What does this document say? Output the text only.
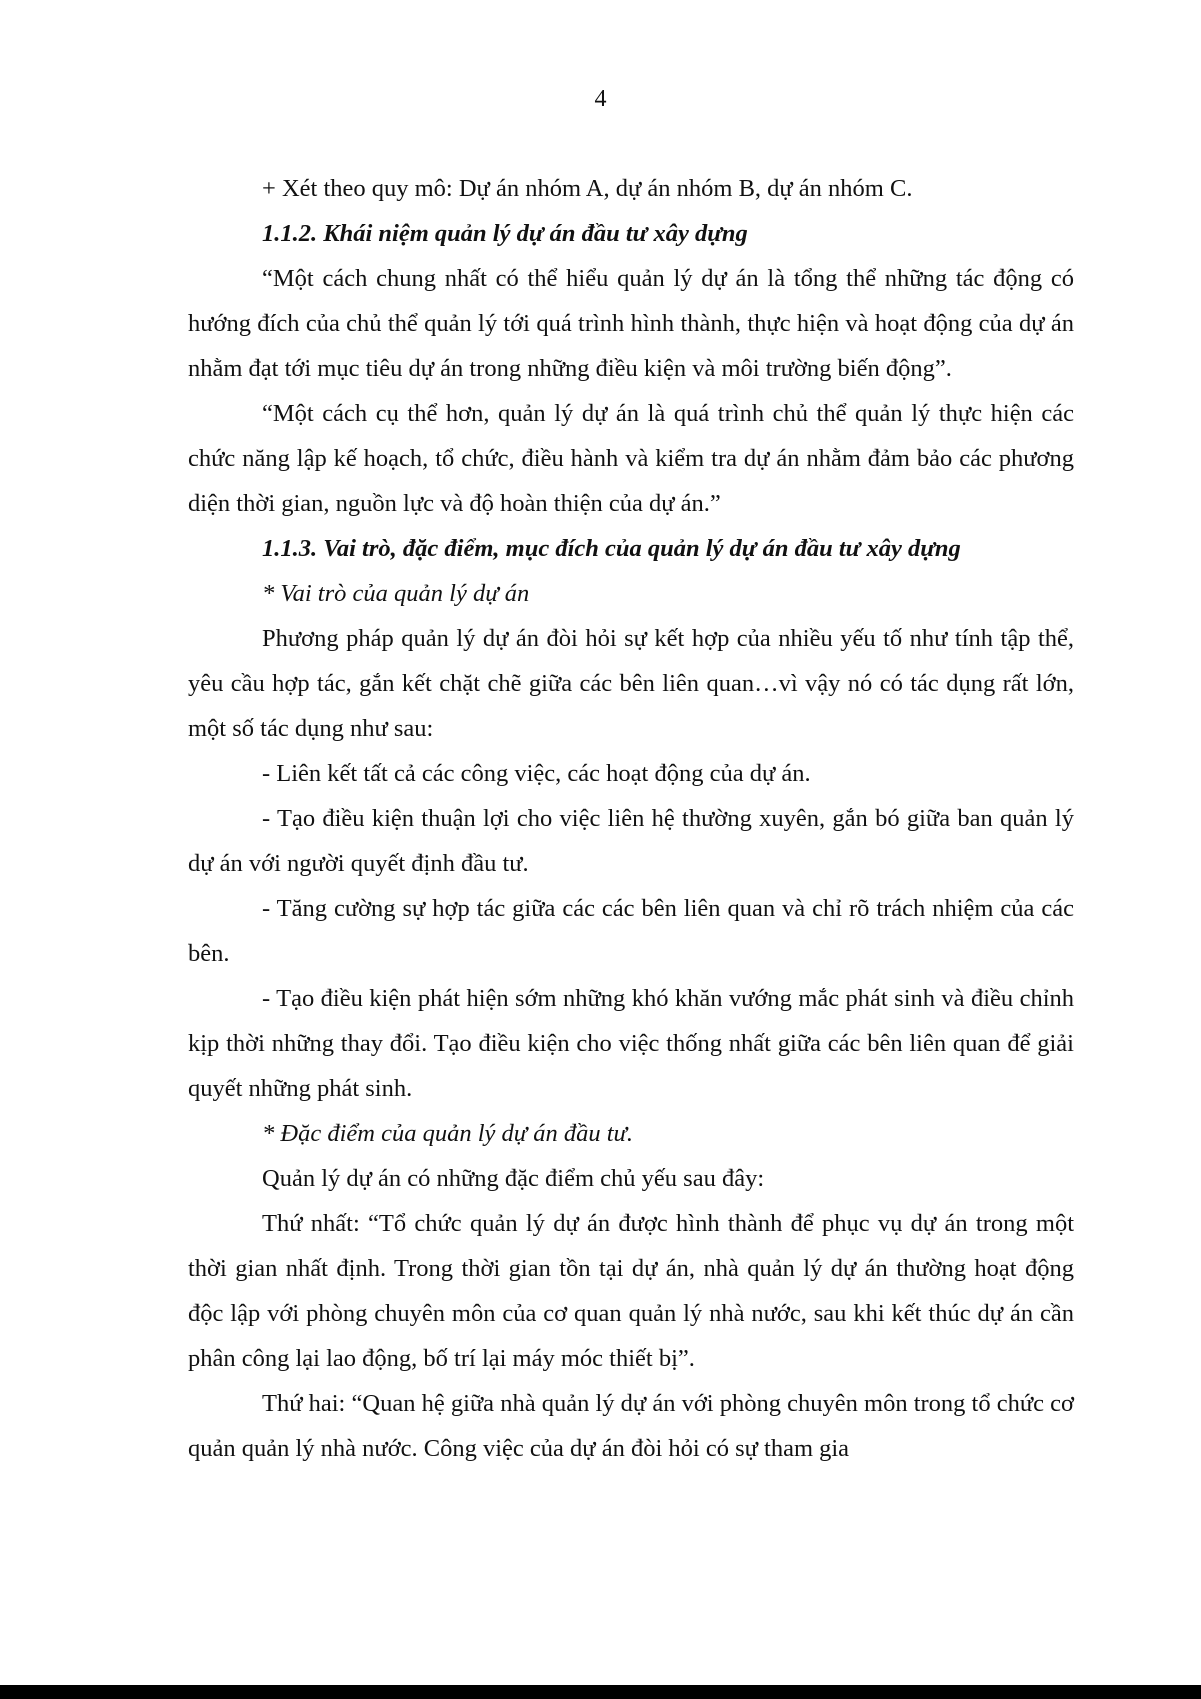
4

+ Xét theo quy mô: Dự án nhóm A, dự án nhóm B, dự án nhóm C.

1.1.2. Khái niệm quản lý dự án đầu tư xây dựng

“Một cách chung nhất có thể hiểu quản lý dự án là tổng thể những tác động có hướng đích của chủ thể quản lý tới quá trình hình thành, thực hiện và hoạt động của dự án nhằm đạt tới mục tiêu dự án trong những điều kiện và môi trường biến động”.

“Một cách cụ thể hơn, quản lý dự án là quá trình chủ thể quản lý thực hiện các chức năng lập kế hoạch, tổ chức, điều hành và kiểm tra dự án nhằm đảm bảo các phương diện thời gian, nguồn lực và độ hoàn thiện của dự án.”

1.1.3. Vai trò, đặc điểm, mục đích của quản lý dự án đầu tư xây dựng

* Vai trò của quản lý dự án

Phương pháp quản lý dự án đòi hỏi sự kết hợp của nhiều yếu tố như tính tập thể, yêu cầu hợp tác, gắn kết chặt chẽ giữa các bên liên quan…vì vậy nó có tác dụng rất lớn, một số tác dụng như sau:

- Liên kết tất cả các công việc, các hoạt động của dự án.

- Tạo điều kiện thuận lợi cho việc liên hệ thường xuyên, gắn bó giữa ban quản lý dự án với người quyết định đầu tư.

- Tăng cường sự hợp tác giữa các các bên liên quan và chỉ rõ trách nhiệm của các bên.

- Tạo điều kiện phát hiện sớm những khó khăn vướng mắc phát sinh và điều chỉnh kịp thời những thay đổi. Tạo điều kiện cho việc thống nhất giữa các bên liên quan để giải quyết những phát sinh.

* Đặc điểm của quản lý dự án đầu tư.

Quản lý dự án có những đặc điểm chủ yếu sau đây:

Thứ nhất: “Tổ chức quản lý dự án được hình thành để phục vụ dự án trong một thời gian nhất định. Trong thời gian tồn tại dự án, nhà quản lý dự án thường hoạt động độc lập với phòng chuyên môn của cơ quan quản lý nhà nước, sau khi kết thúc dự án cần phân công lại lao động, bố trí lại máy móc thiết bị”.

Thứ hai: “Quan hệ giữa nhà quản lý dự án với phòng chuyên môn trong tổ chức cơ quản quản lý nhà nước. Công việc của dự án đòi hỏi có sự tham gia
